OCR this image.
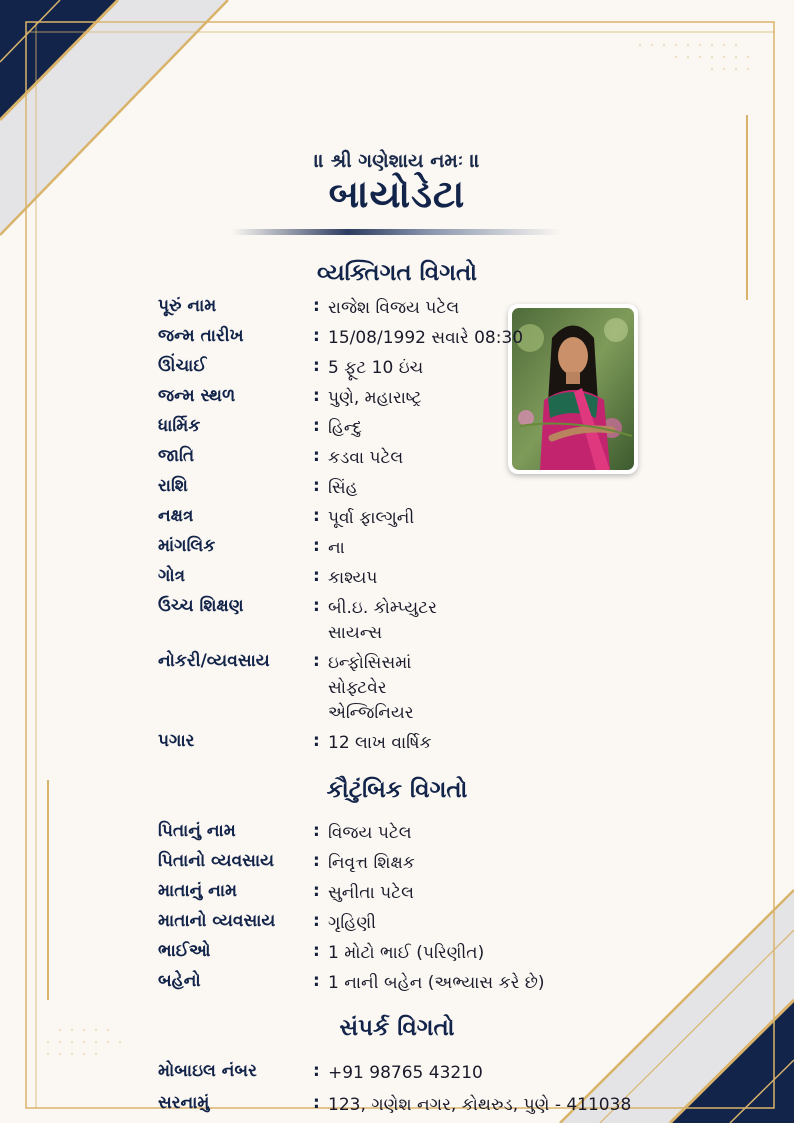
॥ શ્રી ગણેશાય નમઃ ॥
બાયોડેટા
વ્યક્તિગત વિગતો
પૂરું નામ	: રાજેશ વિજય પટેલ
જન્મ તારીખ	: 15/08/1992 સવારે 08:30
ઊંચાઈ	: 5 ફૂટ 10 ઇંચ
જન્મ સ્થળ	: પુણે, મહારાષ્ટ્ર
ધાર્મિક	: હિન્દુ
જાતિ	: કડવા પટેલ
રાશિ	: સિંહ
નક્ષત્ર	: પૂર્વા ફાલ્ગુની
માંગલિક	: ના
ગોત્ર	: કાશ્યપ
ઉચ્ચ શિક્ષણ	: બી.ઇ. કોમ્પ્યુટર
સાયન્સ
નોકરી/વ્યવસાય	: ઇન્ફોસિસમાં
સોફ્ટવેર
એન્જિનિયર
પગાર	: 12 લાખ વાર્ષિક
કૌટુંબિક વિગતો
પિતાનું નામ	: વિજય પટેલ
પિતાનો વ્યવસાય	: નિવૃત્ત શિક્ષક
માતાનું નામ	: સુનીતા પટેલ
માતાનો વ્યવસાય	: ગૃહિણી
ભાઈઓ	: 1 મોટો ભાઈ (પરિણીત)
બહેનો	: 1 નાની બહેન (અભ્યાસ કરે છે)
સંપર્ક વિગતો
મોબાઇલ નંબર	: +91 98765 43210
સરનામું	: 123, ગણેશ નગર, કોથરુડ, પુણે - 411038
